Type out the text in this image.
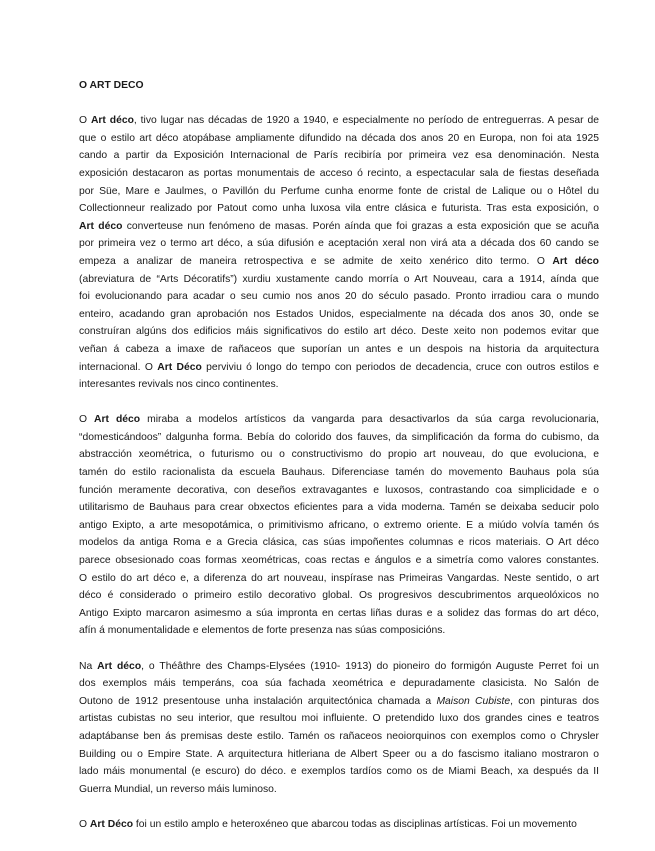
O ART DECO
O Art déco, tivo lugar nas décadas de 1920 a 1940, e especialmente no período de entreguerras. A pesar de
que o estilo art déco atopábase ampliamente difundido na década dos anos 20 en Europa, non foi ata 1925
cando a partir da Exposición Internacional de París recibiría por primeira vez esa denominación. Nesta
exposición destacaron as portas monumentais de acceso ó recinto, a espectacular sala de fiestas deseñada
por Süe, Mare e Jaulmes, o Pavillón du Perfume cunha enorme fonte de cristal de Lalique ou o Hôtel du
Collectionneur realizado por Patout como unha luxosa vila entre clásica e futurista. Tras esta exposición, o
Art déco converteuse nun fenómeno de masas. Porén aínda que foi grazas a esta exposición que se acuña
por primeira vez o termo art déco, a súa difusión e aceptación xeral non virá ata a década dos 60 cando se
empeza a analizar de maneira retrospectiva e se admite de xeito xenérico dito termo. O Art déco
(abreviatura de “Arts Décoratifs”) xurdiu xustamente cando morría o Art Nouveau, cara a 1914, aínda que
foi evolucionando para acadar o seu cumio nos anos 20 do século pasado. Pronto irradiou cara o mundo
enteiro, acadando gran aprobación nos Estados Unidos, especialmente na década dos anos 30, onde se
construíran algúns dos edificios máis significativos do estilo art déco. Deste xeito non podemos evitar que
veñan á cabeza a imaxe de rañaceos que suporían un antes e un despois na historia da arquitectura
internacional. O Art Déco perviviu ó longo do tempo con periodos de decadencia, cruce con outros estilos e
interesantes revivals nos cinco continentes.
O Art déco miraba a modelos artísticos da vangarda para desactivarlos da súa carga revolucionaria,
“domesticándoos” dalgunha forma. Bebía do colorido dos fauves, da simplificación da forma do cubismo, da
abstracción xeométrica, o futurismo ou o constructivismo do propio art nouveau, do que evoluciona, e
tamén do estilo racionalista da escuela Bauhaus. Diferenciase tamén do movemento Bauhaus pola súa
función meramente decorativa, con deseños extravagantes e luxosos, contrastando coa simplicidade e o
utilitarismo de Bauhaus para crear obxectos eficientes para a vida moderna. Tamén se deixaba seducir polo
antigo Exipto, a arte mesopotámica, o primitivismo africano, o extremo oriente. E a miúdo volvía tamén ós
modelos da antiga Roma e a Grecia clásica, cas súas impoñentes columnas e ricos materiais. O Art déco
parece obsesionado coas formas xeométricas, coas rectas e ángulos e a simetría como valores constantes.
O estilo do art déco e, a diferenza do art nouveau, inspírase nas Primeiras Vangardas. Neste sentido, o art
déco é considerado o primeiro estilo decorativo global. Os progresivos descubrimentos arqueolóxicos no
Antigo Exipto marcaron asimesmo a súa impronta en certas liñas duras e a solidez das formas do art déco,
afín á monumentalidade e elementos de forte presenza nas súas composicións.
Na Art déco, o Théâthre des Champs-Elysées (1910- 1913) do pioneiro do formigón Auguste Perret foi un
dos exemplos máis temperáns, coa súa fachada xeométrica e depuradamente clasicista. No Salón de
Outono de 1912 presentouse unha instalación arquitectónica chamada a Maison Cubiste, con pinturas dos
artistas cubistas no seu interior, que resultou moi influiente. O pretendido luxo dos grandes cines e teatros
adaptábanse ben ás premisas deste estilo. Tamén os rañaceos neoiorquinos con exemplos como o Chrysler
Building ou o Empire State. A arquitectura hitleriana de Albert Speer ou a do fascismo italiano mostraron o
lado máis monumental (e escuro) do déco. e exemplos tardíos como os de Miami Beach, xa después da II
Guerra Mundial, un reverso máis luminoso.
O Art Déco foi un estilo amplo e heteroxéneo que abarcou todas as disciplinas artísticas. Foi un movemento
